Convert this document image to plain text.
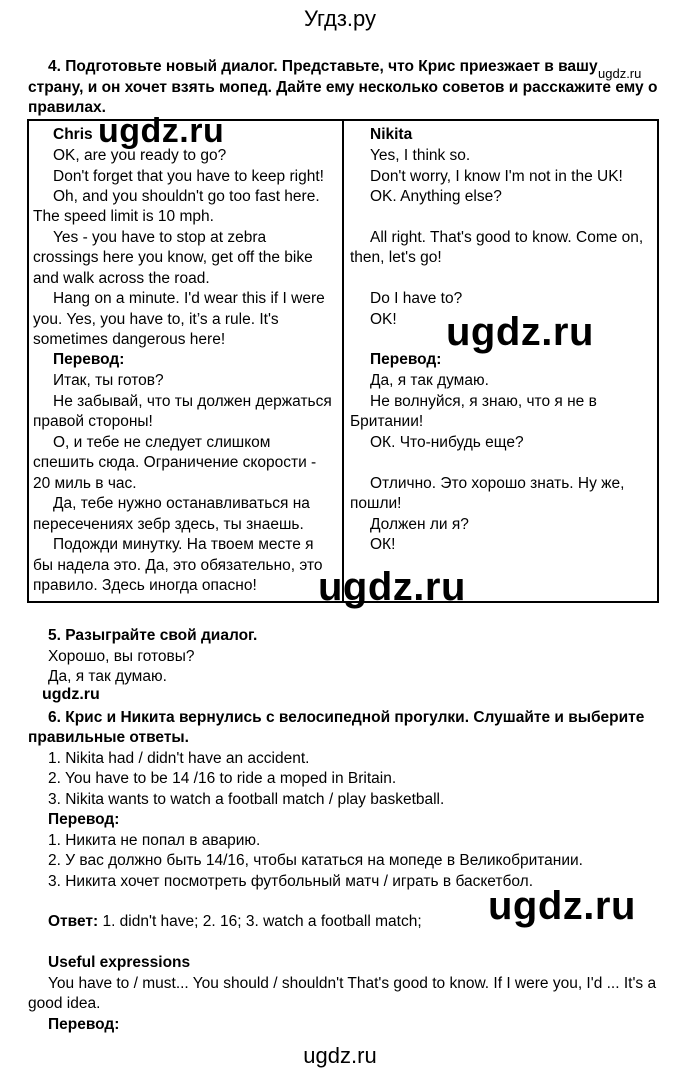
Угдз.ру
4. Подготовьте новый диалог. Представьте, что Крис приезжает в вашу ugdz.ru
страну, и он хочет взять мопед. Дайте ему несколько советов и расскажите ему о
правилах.
Chris ugdz.ru
OK, are you ready to go?
Don't forget that you have to keep right!
Oh, and you shouldn't go too fast here.
The speed limit is 10 mph.
Yes - you have to stop at zebra
crossings here you know, get off the bike
and walk across the road.
Hang on a minute. I'd wear this if I were
you. Yes, you have to, it’s a rule. It's
sometimes dangerous here!
Перевод:
Итак, ты готов?
Не забывай, что ты должен держаться
правой стороны!
О, и тебе не следует слишком
спешить сюда. Ограничение скорости -
20 миль в час.
Да, тебе нужно останавливаться на
пересечениях зебр здесь, ты знаешь.
Подожди минутку. На твоем месте я
бы надела это. Да, это обязательно, это
правило. Здесь иногда опасно!
Nikita
Yes, I think so.
Don't worry, I know I'm not in the UK!
OK. Anything else?
All right. That's good to know. Come on,
then, let's go!
Do I have to?
OK! ugdz.ru
Перевод:
Да, я так думаю.
Не волнуйся, я знаю, что я не в
Британии!
ОК. Что-нибудь еще?
Отлично. Это хорошо знать. Ну же,
пошли!
Должен ли я?
ОК!
ugdz.ru
5. Разыграйте свой диалог.
Хорошо, вы готовы?
Да, я так думаю.
ugdz.ru
6. Крис и Никита вернулись с велосипедной прогулки. Слушайте и выберите
правильные ответы.
1. Nikita had / didn't have an accident.
2. You have to be 14 /16 to ride a moped in Britain.
3. Nikita wants to watch a football match / play basketball.
Перевод:
1. Никита не попал в аварию.
2. У вас должно быть 14/16, чтобы кататься на мопеде в Великобритании.
3. Никита хочет посмотреть футбольный матч / играть в баскетбол.
Ответ: 1. didn't have; 2. 16; 3. watch a football match; ugdz.ru
Useful expressions
You have to / must... You should / shouldn't That's good to know. If I were you, I'd ... It's a
good idea.
Перевод:
ugdz.ru
